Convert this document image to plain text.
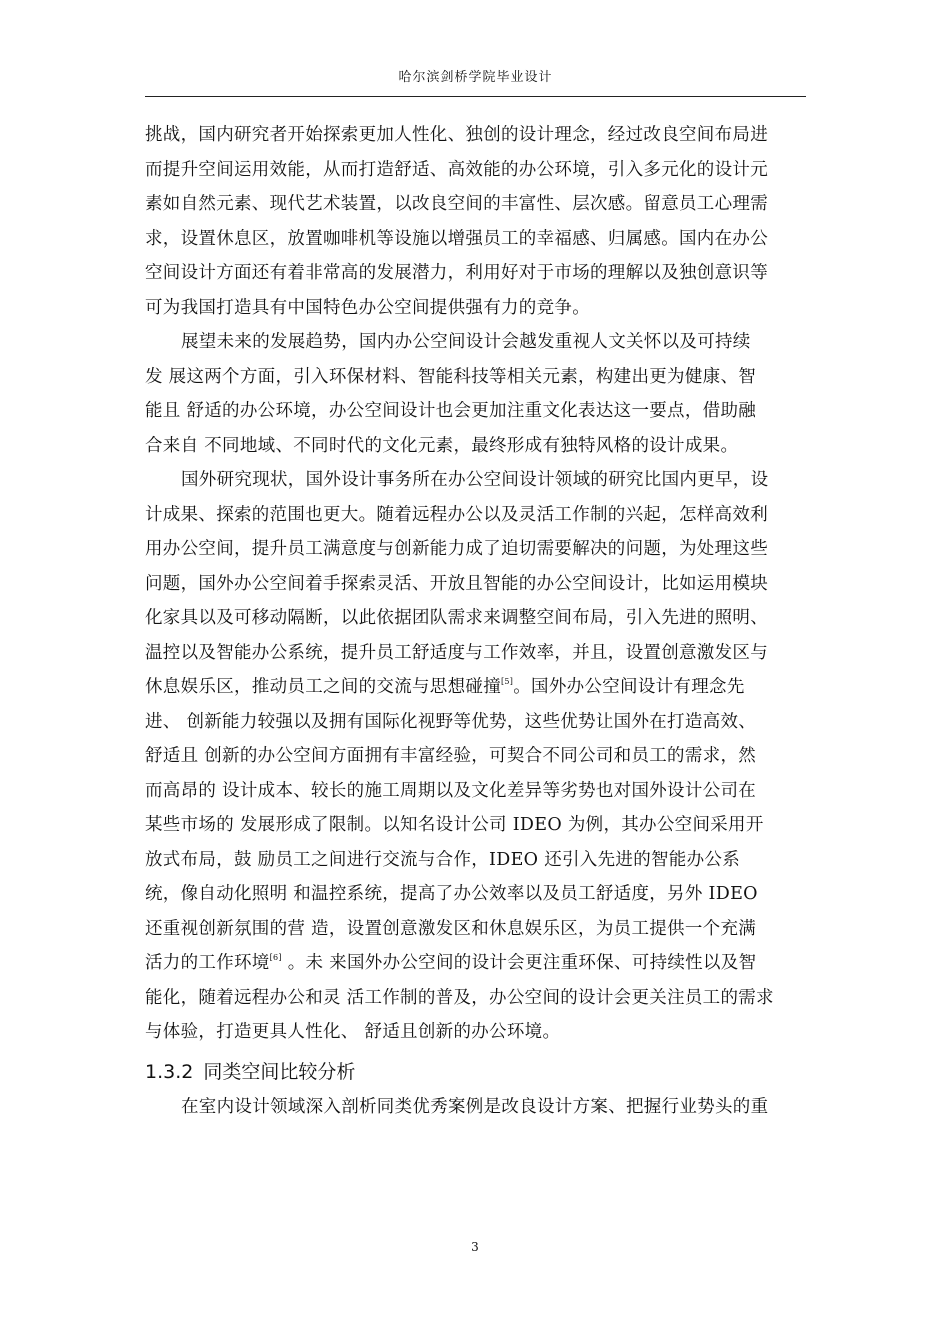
哈尔滨剑桥学院毕业设计
挑战，国内研究者开始探索更加人性化、独创的设计理念，经过改良空间布局进
而提升空间运用效能，从而打造舒适、高效能的办公环境，引入多元化的设计元
素如自然元素、现代艺术装置，以改良空间的丰富性、层次感。留意员工心理需
求，设置休息区，放置咖啡机等设施以增强员工的幸福感、归属感。国内在办公
空间设计方面还有着非常高的发展潜力，利用好对于市场的理解以及独创意识等
可为我国打造具有中国特色办公空间提供强有力的竞争。
展望未来的发展趋势，国内办公空间设计会越发重视人文关怀以及可持续
发 展这两个方面，引入环保材料、智能科技等相关元素，构建出更为健康、智
能且 舒适的办公环境，办公空间设计也会更加注重文化表达这一要点，借助融
合来自 不同地域、不同时代的文化元素，最终形成有独特风格的设计成果。
国外研究现状，国外设计事务所在办公空间设计领域的研究比国内更早，设
计成果、探索的范围也更大。随着远程办公以及灵活工作制的兴起，怎样高效利
用办公空间，提升员工满意度与创新能力成了迫切需要解决的问题，为处理这些
问题，国外办公空间着手探索灵活、开放且智能的办公空间设计，比如运用模块
化家具以及可移动隔断，以此依据团队需求来调整空间布局，引入先进的照明、
温控以及智能办公系统，提升员工舒适度与工作效率，并且，设置创意激发区与
休息娱乐区，推动员工之间的交流与思想碰撞[5]。国外办公空间设计有理念先
进、 创新能力较强以及拥有国际化视野等优势，这些优势让国外在打造高效、
舒适且 创新的办公空间方面拥有丰富经验，可契合不同公司和员工的需求，然
而高昂的 设计成本、较长的施工周期以及文化差异等劣势也对国外设计公司在
某些市场的 发展形成了限制。以知名设计公司 IDEO 为例，其办公空间采用开
放式布局，鼓 励员工之间进行交流与合作，IDEO 还引入先进的智能办公系
统，像自动化照明 和温控系统，提高了办公效率以及员工舒适度，另外 IDEO
还重视创新氛围的营 造，设置创意激发区和休息娱乐区，为员工提供一个充满
活力的工作环境[6] 。未 来国外办公空间的设计会更注重环保、可持续性以及智
能化，随着远程办公和灵 活工作制的普及，办公空间的设计会更关注员工的需求
与体验，打造更具人性化、 舒适且创新的办公环境。
1.3.2 同类空间比较分析
在室内设计领域深入剖析同类优秀案例是改良设计方案、把握行业势头的重
3
